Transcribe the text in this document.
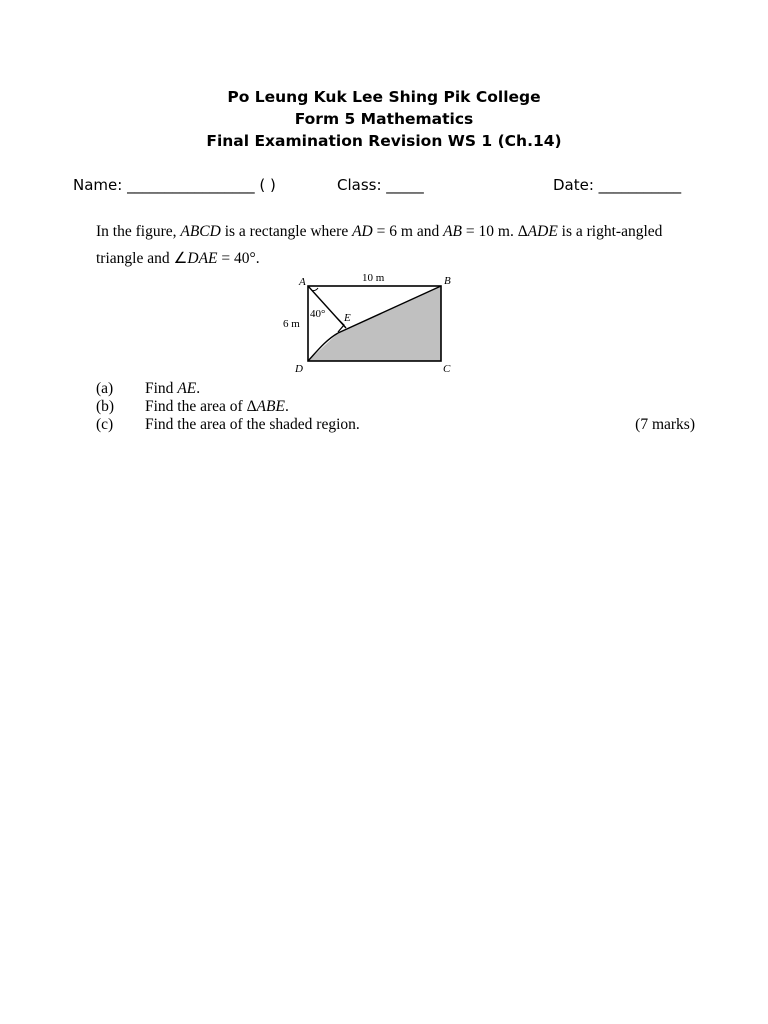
Po Leung Kuk Lee Shing Pik College
Form 5 Mathematics
Final Examination Revision WS 1 (Ch.14)
Name: _________________ ( )	Class: _____	Date: ___________

In the figure, ABCD is a rectangle where AD = 6 m and AB = 10 m. ΔADE is a right-angled

triangle and ∠DAE = 40°.

A	B
C
D
E
10 m
6 m
40°
(a) Find AE.
(b) Find the area of ΔABE.
(c) Find the area of the shaded region.	(7 marks)
